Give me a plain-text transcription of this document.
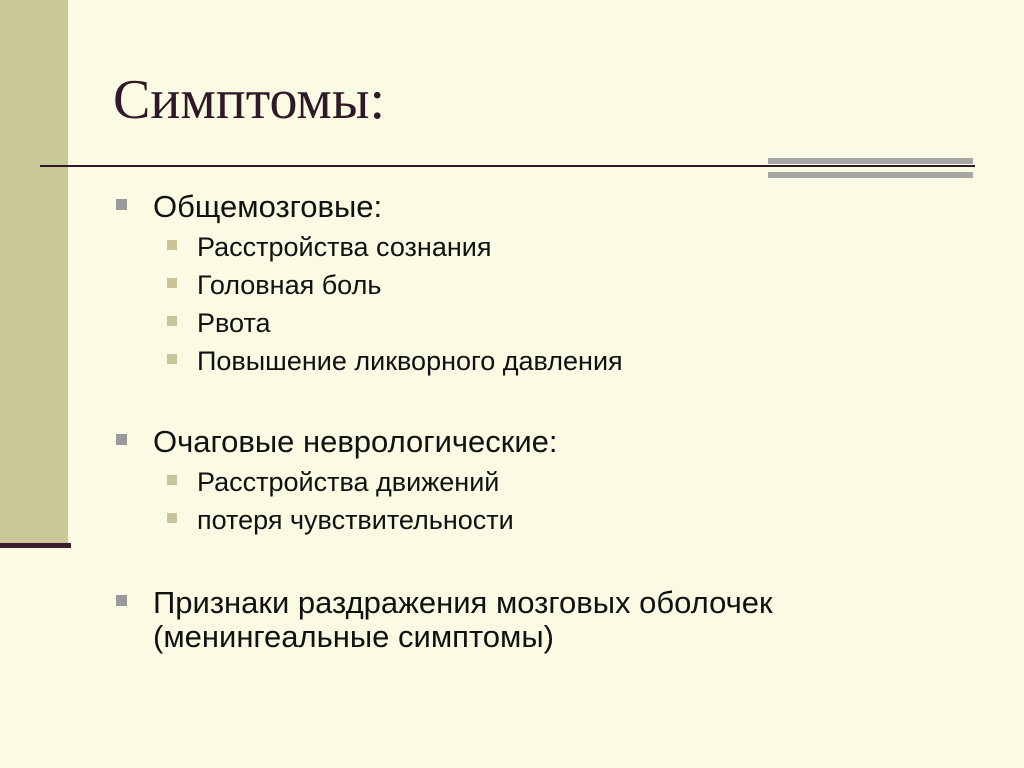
Симптомы:
Общемозговые:
Расстройства сознания
Головная боль
Рвота
Повышение ликворного давления
Очаговые неврологические:
Расстройства движений
потеря чувствительности
Признаки раздражения мозговых оболочек
(менингеальные симптомы)
